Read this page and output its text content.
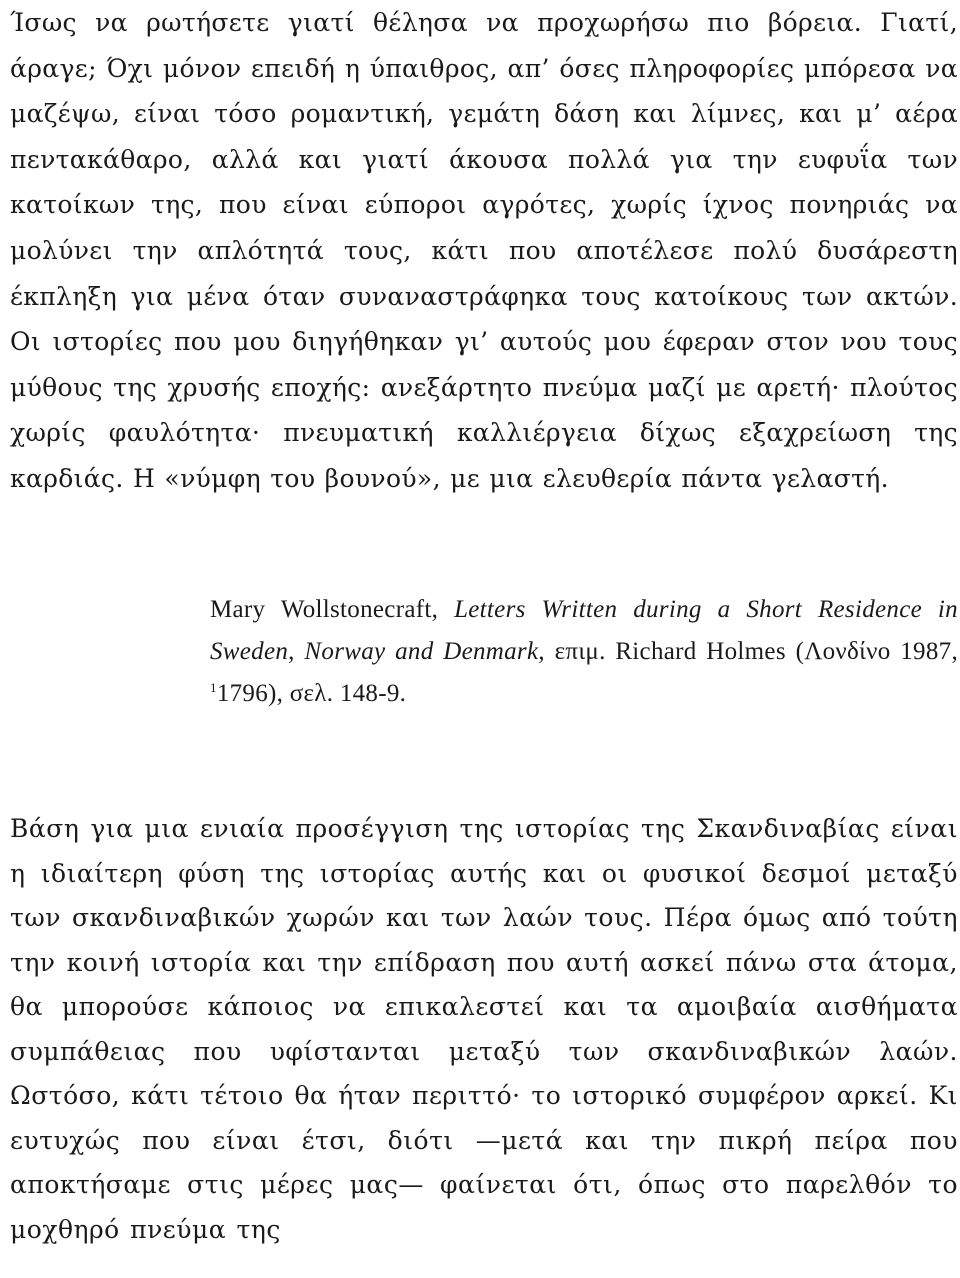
Ίσως να ρωτήσετε γιατί θέλησα να προχωρήσω πιο βόρεια. Γιατί, άραγε; Όχι μόνον επειδή η ύπαιθρος, απ’ όσες πληροφορίες μπόρεσα να μαζέψω, είναι τόσο ρομαντική, γεμάτη δάση και λίμνες, και μ’ αέρα πεντακάθαρο, αλλά και γιατί άκουσα πολλά για την ευφυΐα των κατοίκων της, που είναι εύποροι αγρότες, χωρίς ίχνος πονηριάς να μολύνει την απλότητά τους, κάτι που αποτέλεσε πολύ δυσάρεστη έκπληξη για μένα όταν συναναστράφηκα τους κατοίκους των ακτών. Οι ιστορίες που μου διηγήθηκαν γι’ αυτούς μου έφεραν στον νου τους μύθους της χρυσής εποχής: ανεξάρτητο πνεύμα μαζί με αρετή· πλούτος χωρίς φαυλότητα· πνευματική καλλιέργεια δίχως εξαχρείωση της καρδιάς. Η «νύμφη του βουνού», με μια ελευθερία πάντα γελαστή.
Mary Wollstonecraft, Letters Written during a Short Residence in Sweden, Norway and Denmark, επιμ. Richard Holmes (Λονδίνο 1987, $^1$1796), σελ. 148-9.
Βάση για μια ενιαία προσέγγιση της ιστορίας της Σκανδιναβίας είναι η ιδιαίτερη φύση της ιστορίας αυτής και οι φυσικοί δεσμοί μεταξύ των σκανδιναβικών χωρών και των λαών τους. Πέρα όμως από τούτη την κοινή ιστορία και την επίδραση που αυτή ασκεί πάνω στα άτομα, θα μπορούσε κάποιος να επικαλεστεί και τα αμοιβαία αισθήματα συμπάθειας που υφίστανται μεταξύ των σκανδιναβικών λαών. Ωστόσο, κάτι τέτοιο θα ήταν περιττό· το ιστορικό συμφέρον αρκεί. Κι ευτυχώς που είναι έτσι, διότι —μετά και την πικρή πείρα που αποκτήσαμε στις μέρες μας— φαίνεται ότι, όπως στο παρελθόν το μοχθηρό πνεύμα της
